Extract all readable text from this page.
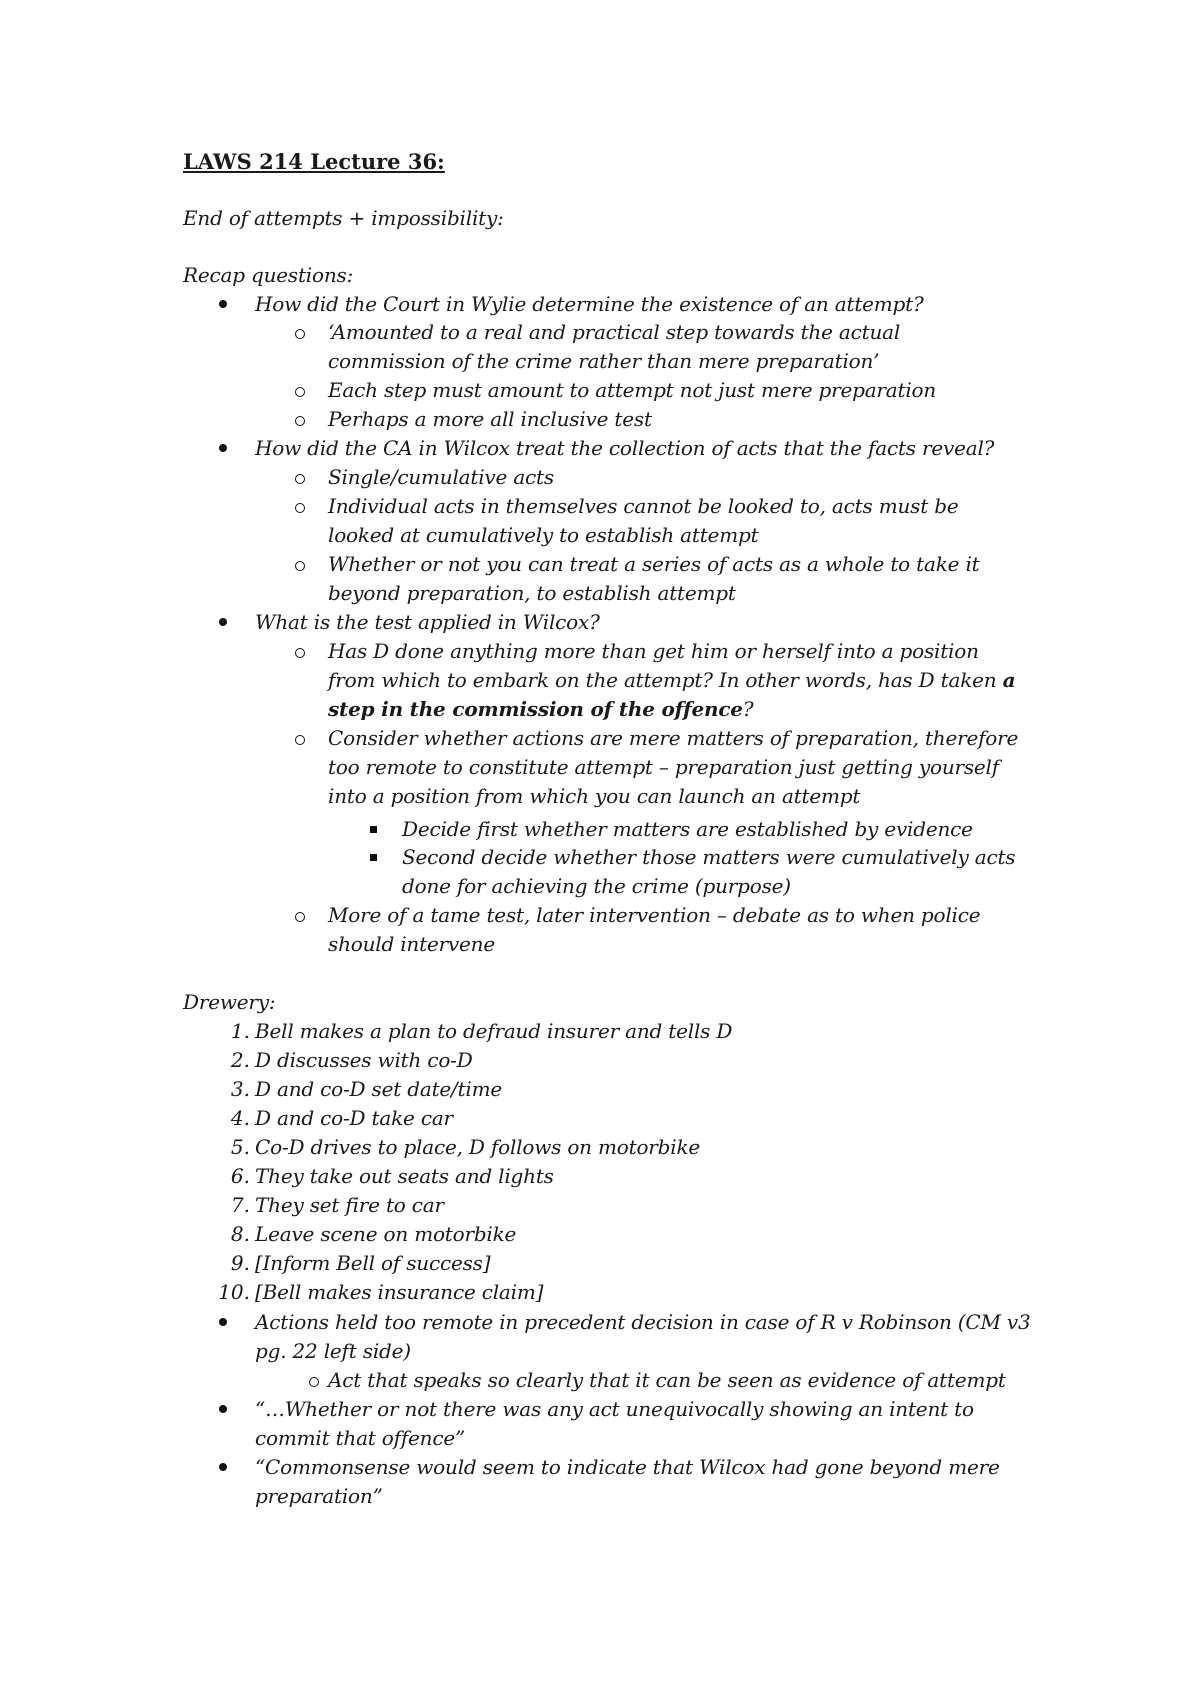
LAWS 214 Lecture 36:
End of attempts + impossibility:
Recap questions:
How did the Court in Wylie determine the existence of an attempt?
‘Amounted to a real and practical step towards the actual
commission of the crime rather than mere preparation’
Each step must amount to attempt not just mere preparation
Perhaps a more all inclusive test
How did the CA in Wilcox treat the collection of acts that the facts reveal?
Single/cumulative acts
Individual acts in themselves cannot be looked to, acts must be
looked at cumulatively to establish attempt
Whether or not you can treat a series of acts as a whole to take it
beyond preparation, to establish attempt
What is the test applied in Wilcox?
Has D done anything more than get him or herself into a position
from which to embark on the attempt? In other words, has D taken a
step in the commission of the offence?
Consider whether actions are mere matters of preparation, therefore
too remote to constitute attempt – preparation just getting yourself
into a position from which you can launch an attempt
Decide first whether matters are established by evidence
Second decide whether those matters were cumulatively acts
done for achieving the crime (purpose)
More of a tame test, later intervention – debate as to when police
should intervene
Drewery:
1. Bell makes a plan to defraud insurer and tells D
2. D discusses with co-D
3. D and co-D set date/time
4. D and co-D take car
5. Co-D drives to place, D follows on motorbike
6. They take out seats and lights
7. They set fire to car
8. Leave scene on motorbike
9. [Inform Bell of success]
10. [Bell makes insurance claim]
Actions held too remote in precedent decision in case of R v Robinson (CM v3
pg. 22 left side)
Act that speaks so clearly that it can be seen as evidence of attempt
“…Whether or not there was any act unequivocally showing an intent to
commit that offence”
“Commonsense would seem to indicate that Wilcox had gone beyond mere
preparation”
